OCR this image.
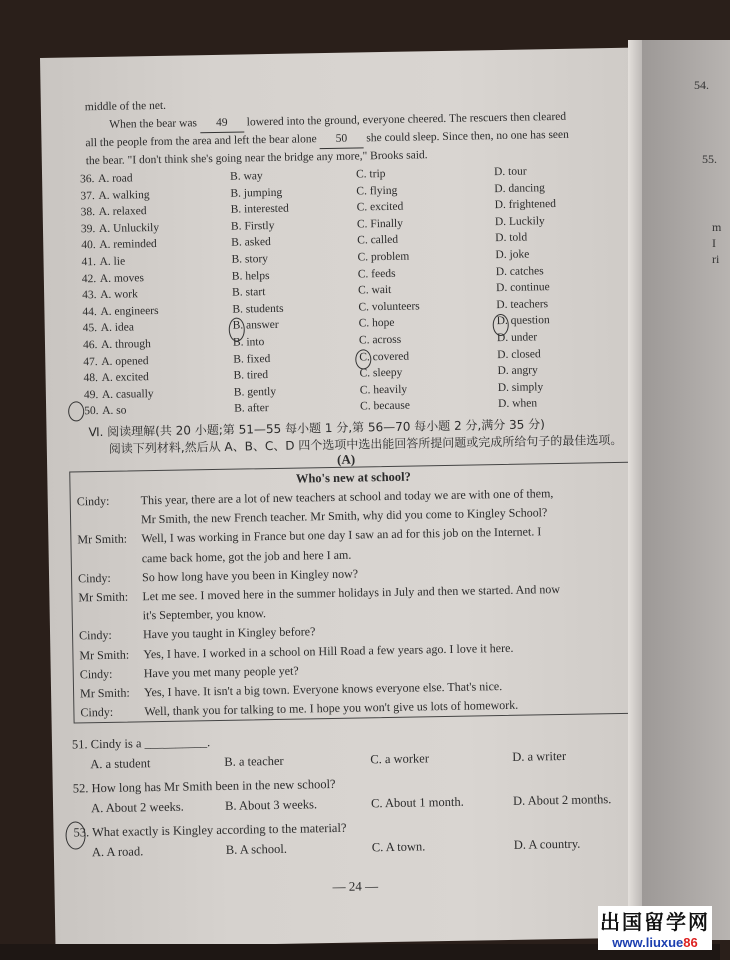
middle of the net.
When the bear was 49 lowered into the ground, everyone cheered. The rescuers then cleared
all the people from the area and left the bear alone 50 she could sleep. Since then, no one has seen
the bear. "I don't think she's going near the bridge any more," Brooks said.
36. A. road	B. way	C. trip	D. tour
37. A. walking	B. jumping	C. flying	D. dancing
38. A. relaxed	B. interested	C. excited	D. frightened
39. A. Unluckily	B. Firstly	C. Finally	D. Luckily
40. A. reminded	B. asked	C. called	D. told
41. A. lie	B. story	C. problem	D. joke
42. A. moves	B. helps	C. feeds	D. catches
43. A. work	B. start	C. wait	D. continue
44. A. engineers	B. students	C. volunteers	D. teachers
45. A. idea	B. answer	C. hope	D. question
46. A. through	B. into	C. across	D. under
47. A. opened	B. fixed	C. covered	D. closed
48. A. excited	B. tired	C. sleepy	D. angry
49. A. casually	B. gently	C. heavily	D. simply
50. A. so	B. after	C. because	D. when
Ⅵ. 阅读理解(共 20 小题;第 51—55 每小题 1 分,第 56—70 每小题 2 分,满分 35 分)
阅读下列材料,然后从 A、B、C、D 四个选项中选出能回答所提问题或完成所给句子的最佳选项。
(A)
Who's new at school?
Cindy:	This year, there are a lot of new teachers at school and today we are with one of them,
Mr Smith, the new French teacher. Mr Smith, why did you come to Kingley School?
Mr Smith:	Well, I was working in France but one day I saw an ad for this job on the Internet. I
came back home, got the job and here I am.
Cindy:	So how long have you been in Kingley now?
Mr Smith:	Let me see. I moved here in the summer holidays in July and then we started. And now
it's September, you know.
Cindy:	Have you taught in Kingley before?
Mr Smith:	Yes, I have. I worked in a school on Hill Road a few years ago. I love it here.
Cindy:	Have you met many people yet?
Mr Smith:	Yes, I have. It isn't a big town. Everyone knows everyone else. That's nice.
Cindy:	Well, thank you for talking to me. I hope you won't give us lots of homework.
51. Cindy is a __________.
A. a student	B. a teacher	C. a worker	D. a writer
52. How long has Mr Smith been in the new school?
A. About 2 weeks.	B. About 3 weeks.	C. About 1 month.	D. About 2 months.
53. What exactly is Kingley according to the material?
A. A road.	B. A school.	C. A town.	D. A country.
— 24 —
54.
55.
m
I
ri
出国留学网
www.liuxue86
